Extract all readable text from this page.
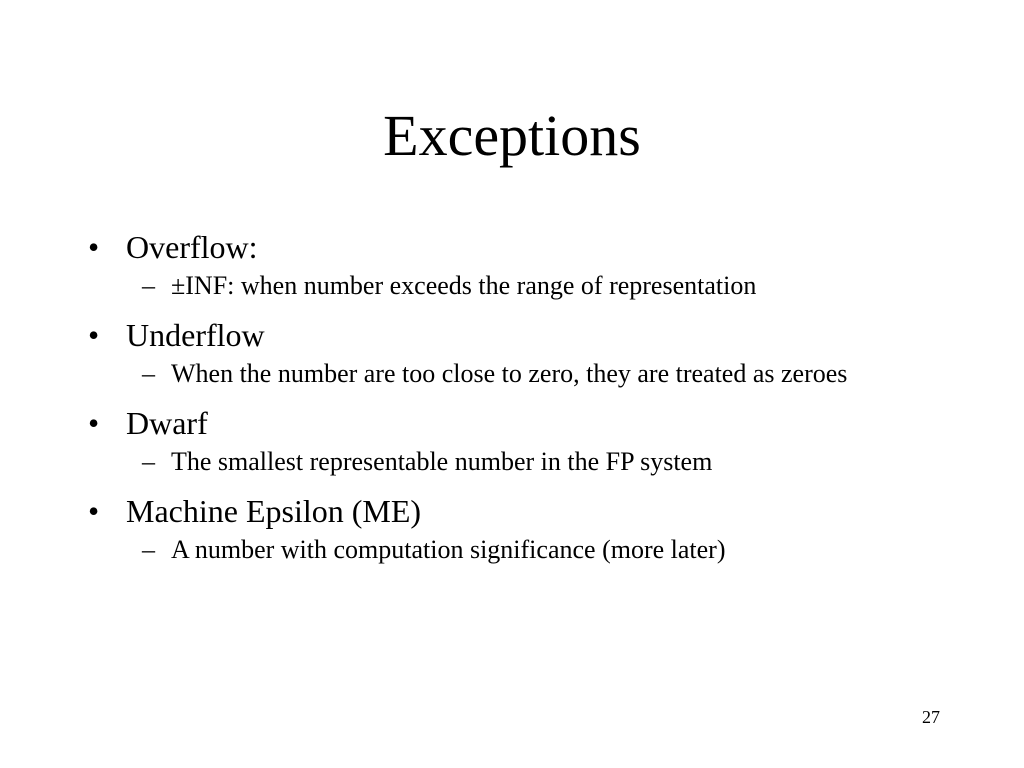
Exceptions
• Overflow:
– ±INF: when number exceeds the range of representation
• Underflow
– When the number are too close to zero, they are treated as zeroes
• Dwarf
– The smallest representable number in the FP system
• Machine Epsilon (ME)
– A number with computation significance (more later)
27
